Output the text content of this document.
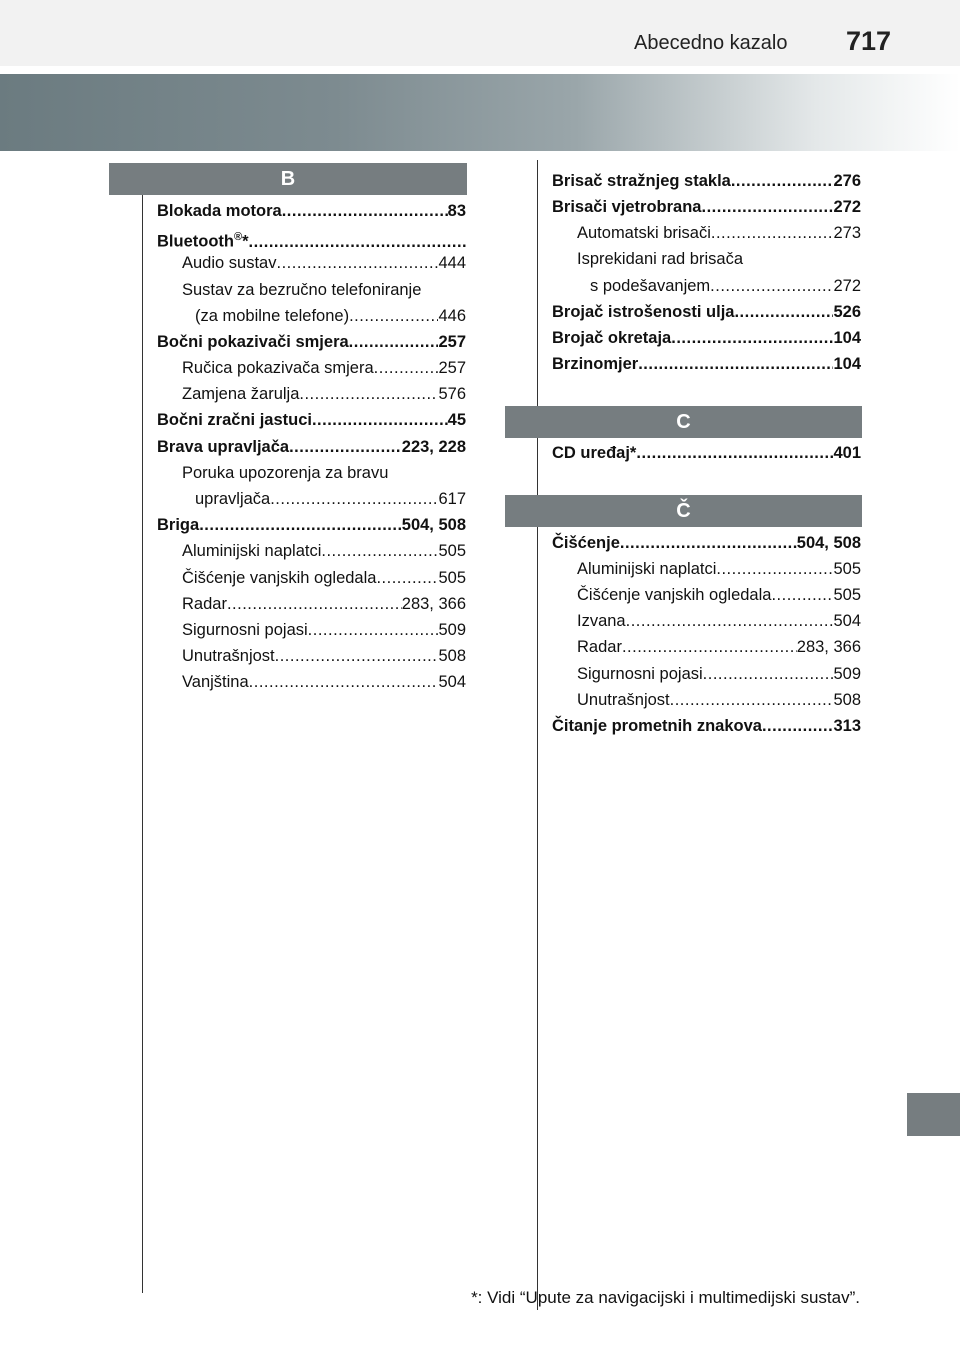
Abecedno kazalo 717
B
Blokada motora .....	83
Bluetooth®*
.....
Audio sustav .....	444
Sustav za bezručno telefoniranje
(za mobilne telefone) .....	446
Bočni pokazivači smjera .....	257
Ručica pokazivača smjera .....	257
Zamjena žarulja .....	576
Bočni zračni jastuci .....	45
Brava upravljača .....	223, 228
Poruka upozorenja za bravu
upravljača .....	617
Briga .....	504, 508
Aluminijski naplatci .....	505
Čišćenje vanjskih ogledala .....	505
Radar .....	283, 366
Sigurnosni pojasi .....	509
Unutrašnjost .....	508
Vanjština .....	504
Brisač stražnjeg stakla .....	276
Brisači vjetrobrana .....	272
Automatski brisači .....	273
Isprekidani rad brisača
s podešavanjem .....	272
Brojač istrošenosti ulja .....	526
Brojač okretaja .....	104
Brzinomjer .....	104
C
CD uređaj* .....	401
Č
Čišćenje .....	504, 508
Aluminijski naplatci .....	505
Čišćenje vanjskih ogledala .....	505
Izvana .....	504
Radar .....	283, 366
Sigurnosni pojasi .....	509
Unutrašnjost .....	508
Čitanje prometnih znakova .....	313
*: Vidi “Upute za navigacijski i multimedijski sustav”.
